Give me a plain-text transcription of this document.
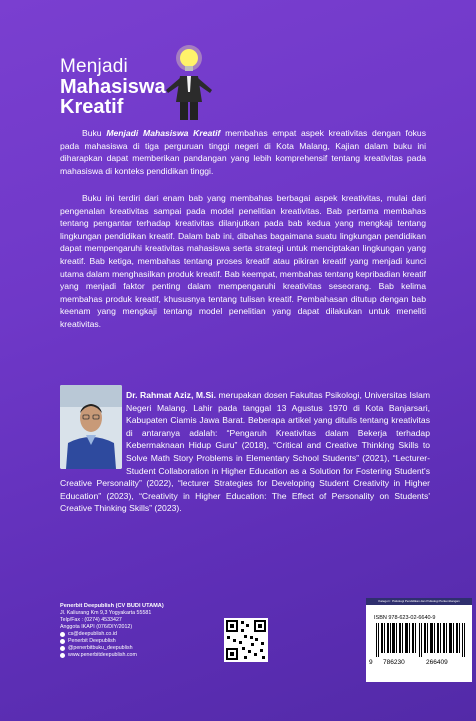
Menjadi
Mahasiswa
Kreatif
Buku Menjadi Mahasiswa Kreatif membahas empat aspek kreativitas dengan fokus pada mahasiswa di tiga perguruan tinggi negeri di Kota Malang, Kajian dalam buku ini diharapkan dapat memberikan pandangan yang lebih komprehensif tentang kreativitas pada mahasiswa di konteks pendidikan tinggi.
Buku ini terdiri dari enam bab yang membahas berbagai aspek kreativitas, mulai dari pengenalan kreativitas sampai pada model penelitian kreativitas. Bab pertama membahas tentang pengantar terhadap kreativitas dilanjutkan pada bab kedua yang mengkaji tentang lingkungan pendidikan kreatif. Dalam bab ini, dibahas bagaimana suatu lingkungan pendidikan dapat mempengaruhi kreativitas mahasiswa serta strategi untuk menciptakan lingkungan yang kreatif. Bab ketiga, membahas tentang proses kreatif atau pikiran kreatif yang menjadi kunci utama dalam menghasilkan produk kreatif. Bab keempat, membahas tentang kepribadian kreatif yang menjadi faktor penting dalam mempengaruhi kreativitas seseorang. Bab kelima membahas produk kreatif, khususnya tentang tulisan kreatif. Pembahasan ditutup dengan bab keenam yang mengkaji tentang model penelitian yang dapat dilakukan untuk meneliti kreativitas.
Dr. Rahmat Aziz, M.Si. merupakan dosen Fakultas Psikologi, Universitas Islam Negeri Malang. Lahir pada tanggal 13 Agustus 1970 di Kota Banjarsari, Kabupaten Ciamis Jawa Barat. Beberapa artikel yang ditulis tentang kreativitas di antaranya adalah: “Pengaruh Kreativitas dalam Bekerja terhadap Kebermaknaan Hidup Guru” (2018), “Critical and Creative Thinking Skills to Solve Math Story Problems in Elementary School Students” (2021), “Lecturer-Student Collaboration in Higher Education as a Solution for Fostering Student's Creative Personality” (2022), “lecturer Strategies for Developing Student Creativity in Higher Education” (2023), “Creativity in Higher Education: The Effect of Personality on Students' Creative Thinking Skills” (2023).
Penerbit Deepublish (CV BUDI UTAMA)
Jl. Kaliurang Km 9,3 Yogyakarta 55581
Telp/Fax : (0274) 4533427
Anggota IKAPI (076/DIY/2012)
cs@deepublish.co.id
Penerbit Deepublish
@penerbitbuku_deepublish
www.penerbitdeepublish.com
Kategori : Psikologi Pendidikan dan Psikologi Perkembangan
ISBN 978-623-02-6640-9
9 786230	266409
